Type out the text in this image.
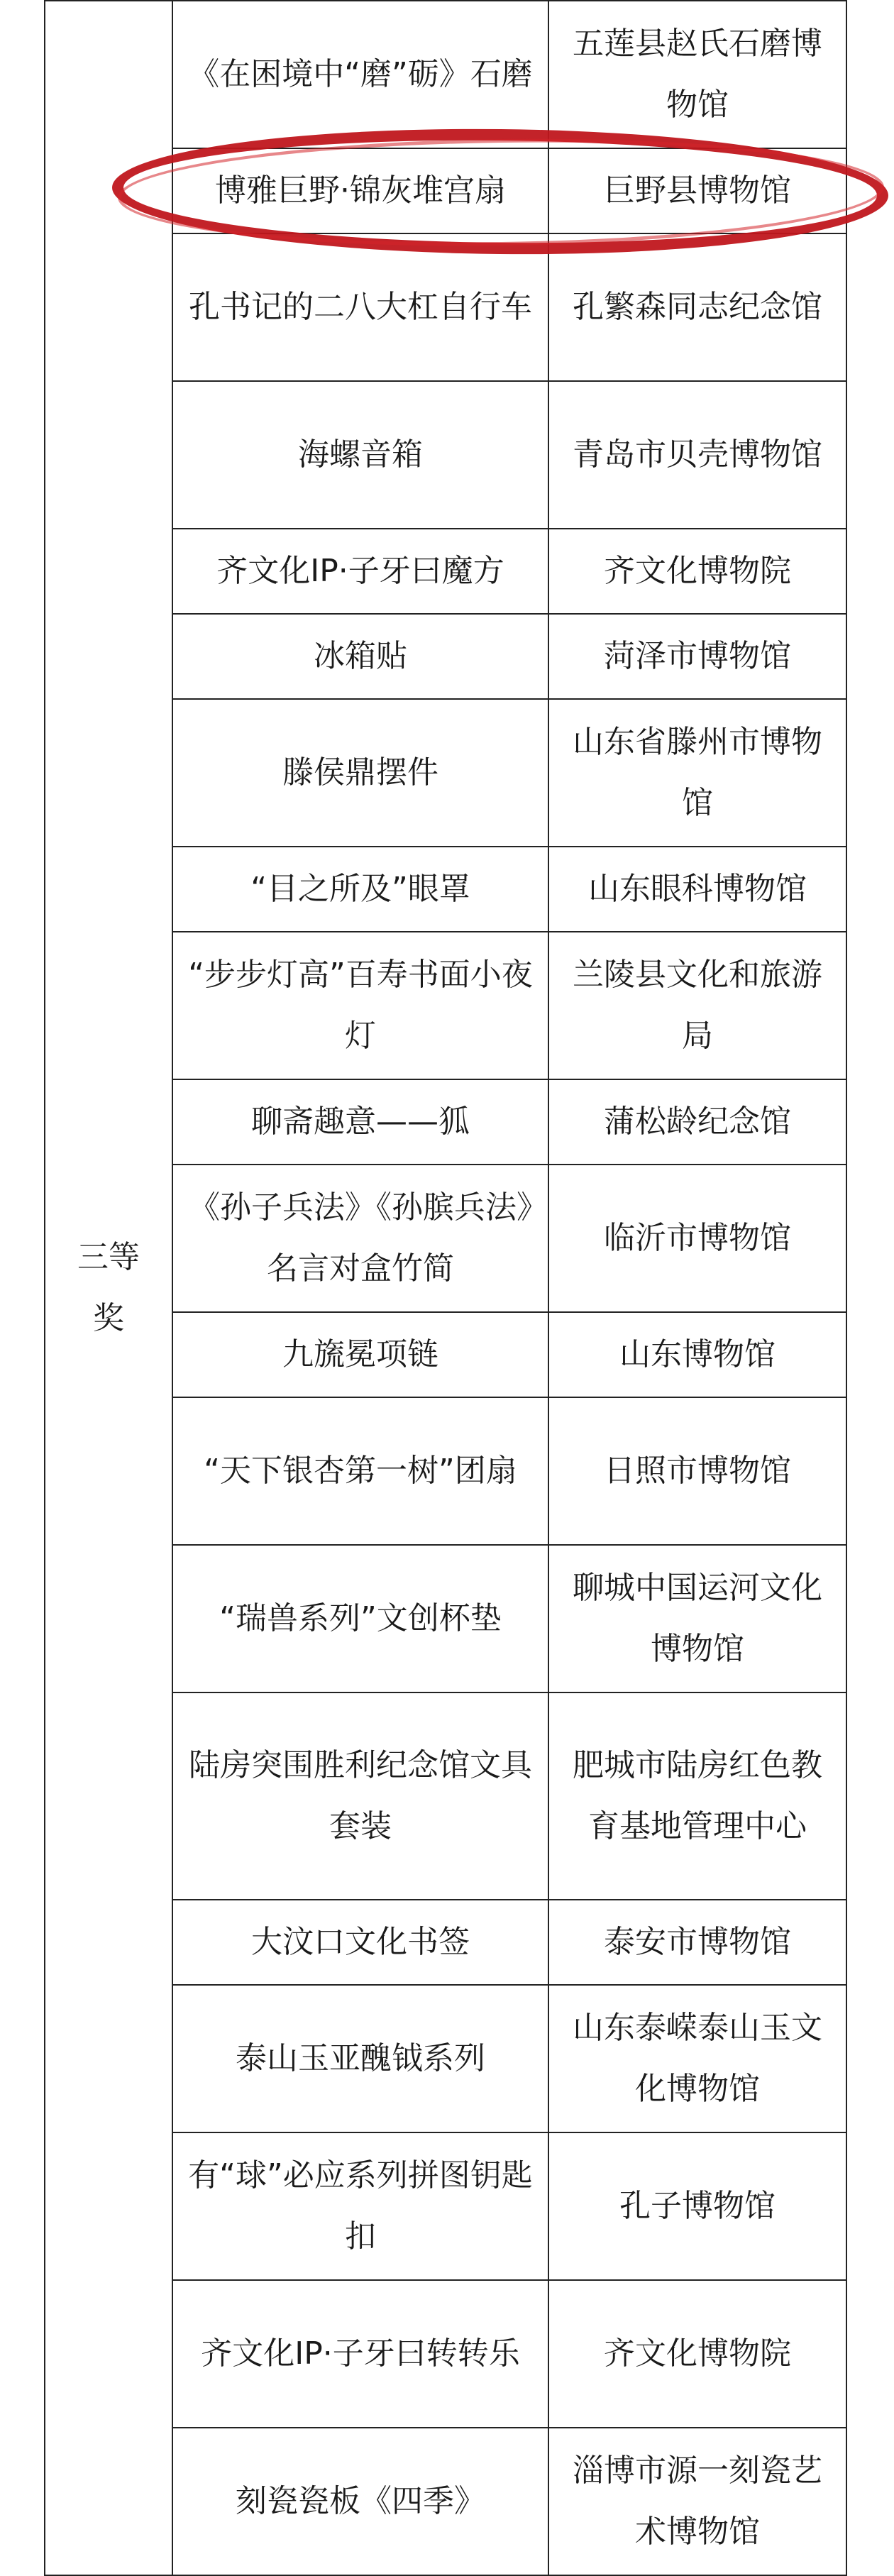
三等奖	《在困境中“磨”砺》石磨	五莲县赵氏石磨博物馆
	博雅巨野·锦灰堆宫扇	巨野县博物馆
	孔书记的二八大杠自行车	孔繁森同志纪念馆
	海螺音箱	青岛市贝壳博物馆
	齐文化IP·子牙曰魔方	齐文化博物院
	冰箱贴	菏泽市博物馆
	滕侯鼎摆件	山东省滕州市博物馆
	“目之所及”眼罩	山东眼科博物馆
	“步步灯高”百寿书面小夜灯	兰陵县文化和旅游局
	聊斋趣意——狐	蒲松龄纪念馆
	《孙子兵法》《孙膑兵法》名言对盒竹简	临沂市博物馆
	九旒冕项链	山东博物馆
	“天下银杏第一树”团扇	日照市博物馆
	“瑞兽系列”文创杯垫	聊城中国运河文化博物馆
	陆房突围胜利纪念馆文具套装	肥城市陆房红色教育基地管理中心
	大汶口文化书签	泰安市博物馆
	泰山玉亚醜钺系列	山东泰嵘泰山玉文化博物馆
	有“球”必应系列拼图钥匙扣	孔子博物馆
	齐文化IP·子牙曰转转乐	齐文化博物院
	刻瓷瓷板《四季》	淄博市源一刻瓷艺术博物馆
